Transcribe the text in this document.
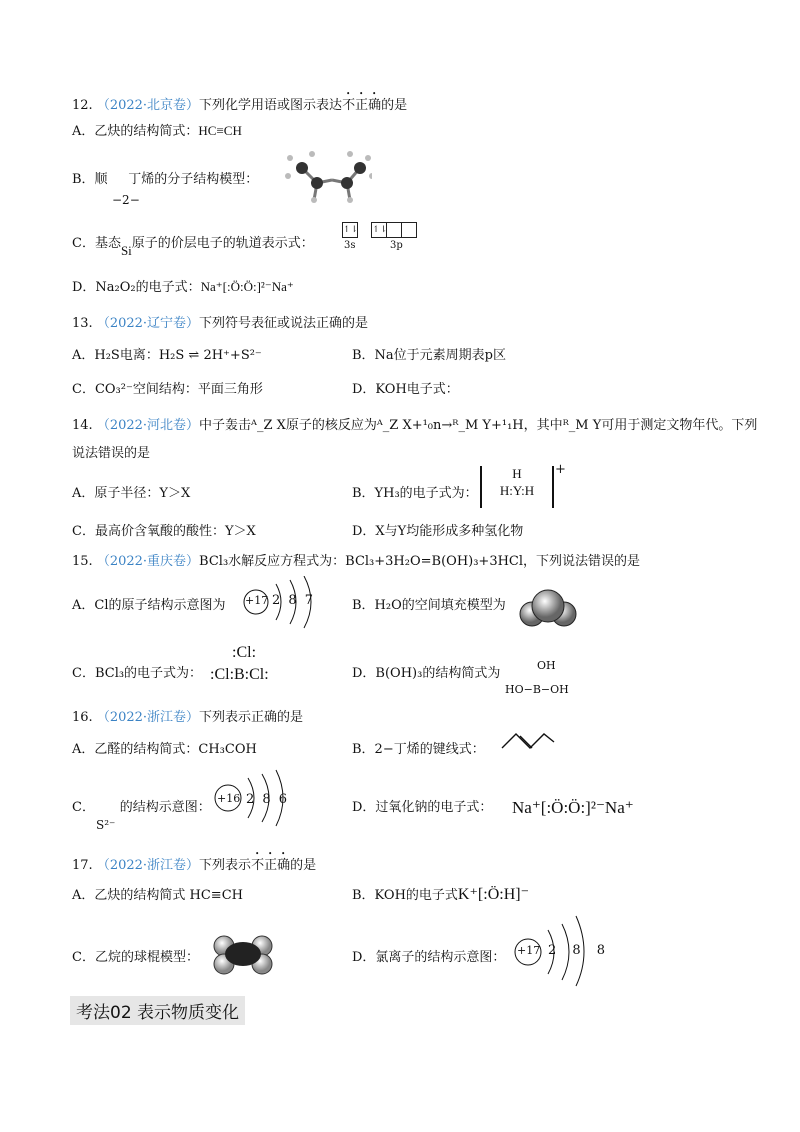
12. （2022·北京卷）下列化学用语或图示表达不正确的是
A．乙炔的结构简式：HC≡CH
B．顺 丁烯的分子结构模型：
−2−
C．基态Si原子的价层电子的轨道表示式：
↿⇂ ↿⇂
3s	3p
D．Na₂O₂的电子式：Na⁺[:Ö:Ö:]²⁻Na⁺
13. （2022·辽宁卷）下列符号表征或说法正确的是
A．H₂S电离：H₂S ⇌ 2H⁺+S²⁻	B．Na位于元素周期表p区
C．CO₃²⁻空间结构：平面三角形	D．KOH电子式：
14. （2022·河北卷）中子轰击ᴬ_Z X原子的核反应为ᴬ_Z X+¹₀n→ᴿ_M Y+¹₁H，其中ᴿ_M Y可用于测定文物年代。下列
说法错误的是
A．原子半径：Y＞X	B．YH₃的电子式为：
H
H:Y:H
+
C．最高价含氧酸的酸性：Y＞X	D．X与Y均能形成多种氢化物
15. （2022·重庆卷）BCl₃水解反应方程式为：BCl₃+3H₂O=B(OH)₃+3HCl，下列说法错误的是
A．Cl的原子结构示意图为 +17 2 8 7	B．H₂O的空间填充模型为
C．BCl₃的电子式为：
:Cl:
:Cl:B:Cl:	D．B(OH)₃的结构简式为
OH
HO−B−OH
16. （2022·浙江卷）下列表示正确的是
A．乙醛的结构简式：CH₃COH	B．2−丁烯的键线式：
C． 的结构示意图：
S²⁻
+16 2 8 6
D．过氧化钠的电子式： Na⁺[:Ö:Ö:]²⁻Na⁺
17. （2022·浙江卷）下列表示不正确的是
A．乙炔的结构简式 HC≡CH	B．KOH的电子式K⁺[:Ö:H]⁻
C．乙烷的球棍模型：	D．氯离子的结构示意图： +17 2 8 8
考法02 表示物质变化
